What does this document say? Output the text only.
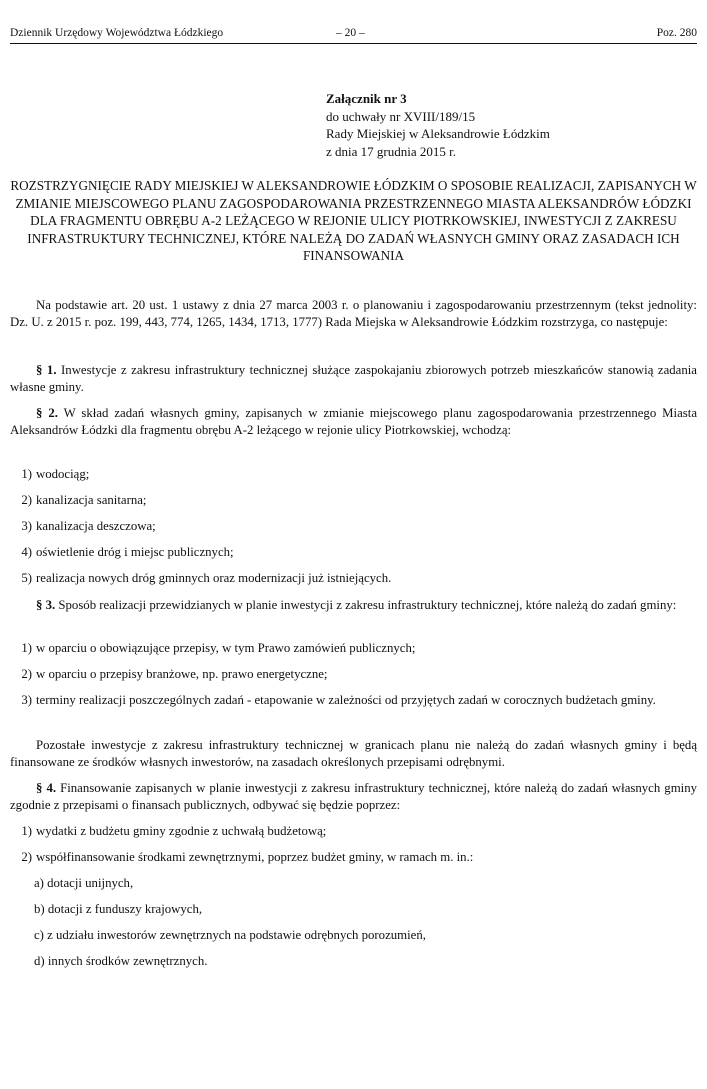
Dziennik Urzędowy Województwa Łódzkiego	– 20 –	Poz. 280
Załącznik nr 3
do uchwały nr XVIII/189/15
Rady Miejskiej w Aleksandrowie Łódzkim
z dnia 17 grudnia 2015 r.
ROZSTRZYGNIĘCIE RADY MIEJSKIEJ W ALEKSANDROWIE ŁÓDZKIM O SPOSOBIE REALIZACJI, ZAPISANYCH W ZMIANIE MIEJSCOWEGO PLANU ZAGOSPODAROWANIA PRZESTRZENNEGO MIASTA ALEKSANDRÓW ŁÓDZKI DLA FRAGMENTU OBRĘBU A-2 LEŻĄCEGO W REJONIE ULICY PIOTRKOWSKIEJ, INWESTYCJI Z ZAKRESU INFRASTRUKTURY TECHNICZNEJ, KTÓRE NALEŻĄ DO ZADAŃ WŁASNYCH GMINY ORAZ ZASADACH ICH FINANSOWANIA
Na podstawie art. 20 ust. 1 ustawy z dnia 27 marca 2003 r. o planowaniu i zagospodarowaniu przestrzennym (tekst jednolity: Dz. U. z 2015 r. poz. 199, 443, 774, 1265, 1434, 1713, 1777) Rada Miejska w Aleksandrowie Łódzkim rozstrzyga, co następuje:
§ 1. Inwestycje z zakresu infrastruktury technicznej służące zaspokajaniu zbiorowych potrzeb mieszkańców stanowią zadania własne gminy.
§ 2. W skład zadań własnych gminy, zapisanych w zmianie miejscowego planu zagospodarowania przestrzennego Miasta Aleksandrów Łódzki dla fragmentu obrębu A-2 leżącego w rejonie ulicy Piotrkowskiej, wchodzą:
1) wodociąg;
2) kanalizacja sanitarna;
3) kanalizacja deszczowa;
4) oświetlenie dróg i miejsc publicznych;
5) realizacja nowych dróg gminnych oraz modernizacji już istniejących.
§ 3. Sposób realizacji przewidzianych w planie inwestycji z zakresu infrastruktury technicznej, które należą do zadań gminy:
1) w oparciu o obowiązujące przepisy, w tym Prawo zamówień publicznych;
2) w oparciu o przepisy branżowe, np. prawo energetyczne;
3) terminy realizacji poszczególnych zadań - etapowanie w zależności od przyjętych zadań w corocznych budżetach gminy.
Pozostałe inwestycje z zakresu infrastruktury technicznej w granicach planu nie należą do zadań własnych gminy i będą finansowane ze środków własnych inwestorów, na zasadach określonych przepisami odrębnymi.
§ 4. Finansowanie zapisanych w planie inwestycji z zakresu infrastruktury technicznej, które należą do zadań własnych gminy zgodnie z przepisami o finansach publicznych, odbywać się będzie poprzez:
1) wydatki z budżetu gminy zgodnie z uchwałą budżetową;
2) współfinansowanie środkami zewnętrznymi, poprzez budżet gminy, w ramach m. in.:
a) dotacji unijnych,
b) dotacji z funduszy krajowych,
c) z udziału inwestorów zewnętrznych na podstawie odrębnych porozumień,
d) innych środków zewnętrznych.
